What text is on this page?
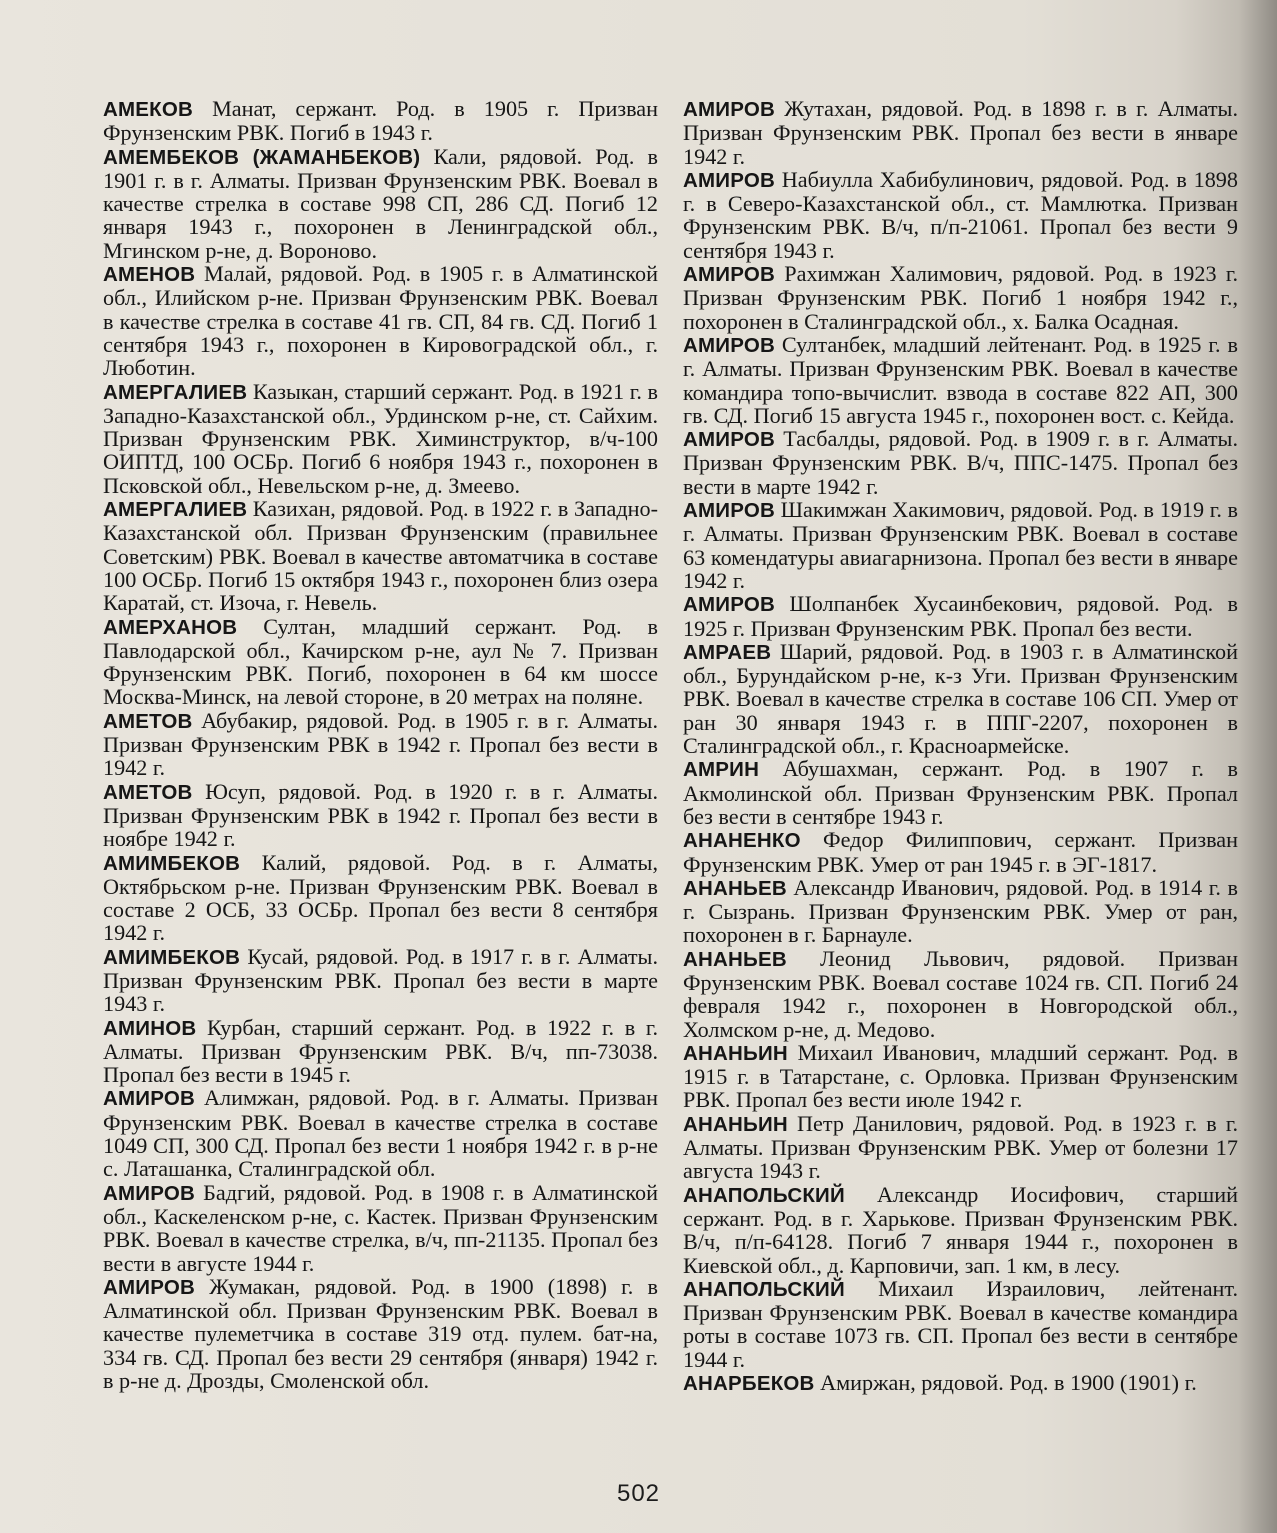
АМЕКОВ Манат, сержант. Род. в 1905 г. Призван Фрунзенским РВК. Погиб в 1943 г.

АМЕМБЕКОВ (ЖАМАНБЕКОВ) Кали, рядовой. Род. в 1901 г. в г. Алматы. Призван Фрунзенским РВК. Воевал в качестве стрелка в составе 998 СП, 286 СД. Погиб 12 января 1943 г., похоронен в Ленинградской обл., Мгинском р-не, д. Вороново.

АМЕНОВ Малай, рядовой. Род. в 1905 г. в Алматинской обл., Илийском р-не. Призван Фрунзенским РВК. Воевал в качестве стрелка в составе 41 гв. СП, 84 гв. СД. Погиб 1 сентября 1943 г., похоронен в Кировоградской обл., г. Люботин.

АМЕРГАЛИЕВ Казыкан, старший сержант. Род. в 1921 г. в Западно-Казахстанской обл., Урдинском р-не, ст. Сайхим. Призван Фрунзенским РВК. Химинструктор, в/ч-100 ОИПТД, 100 ОСБр. Погиб 6 ноября 1943 г., похоронен в Псковской обл., Невельском р-не, д. Змеево.

АМЕРГАЛИЕВ Казихан, рядовой. Род. в 1922 г. в Западно-Казахстанской обл. Призван Фрунзенским (правильнее Советским) РВК. Воевал в качестве автоматчика в составе 100 ОСБр. Погиб 15 октября 1943 г., похоронен близ озера Каратай, ст. Изоча, г. Невель.

АМЕРХАНОВ Султан, младший сержант. Род. в Павлодарской обл., Качирском р-не, аул № 7. Призван Фрунзенским РВК. Погиб, похоронен в 64 км шоссе Москва-Минск, на левой стороне, в 20 метрах на поляне.

АМЕТОВ Абубакир, рядовой. Род. в 1905 г. в г. Алматы. Призван Фрунзенским РВК в 1942 г. Пропал без вести в 1942 г.

АМЕТОВ Юсуп, рядовой. Род. в 1920 г. в г. Алматы. Призван Фрунзенским РВК в 1942 г. Пропал без вести в ноябре 1942 г.

АМИМБЕКОВ Калий, рядовой. Род. в г. Алматы, Октябрьском р-не. Призван Фрунзенским РВК. Воевал в составе 2 ОСБ, 33 ОСБр. Пропал без вести 8 сентября 1942 г.

АМИМБЕКОВ Кусай, рядовой. Род. в 1917 г. в г. Алматы. Призван Фрунзенским РВК. Пропал без вести в марте 1943 г.

АМИНОВ Курбан, старший сержант. Род. в 1922 г. в г. Алматы. Призван Фрунзенским РВК. В/ч, пп-73038. Пропал без вести в 1945 г.

АМИРОВ Алимжан, рядовой. Род. в г. Алматы. Призван Фрунзенским РВК. Воевал в качестве стрелка в составе 1049 СП, 300 СД. Пропал без вести 1 ноября 1942 г. в р-не с. Латашанка, Сталинградской обл.

АМИРОВ Бадгий, рядовой. Род. в 1908 г. в Алматинской обл., Каскеленском р-не, с. Кастек. Призван Фрунзенским РВК. Воевал в качестве стрелка, в/ч, пп-21135. Пропал без вести в августе 1944 г.

АМИРОВ Жумакан, рядовой. Род. в 1900 (1898) г. в Алматинской обл. Призван Фрунзенским РВК. Воевал в качестве пулеметчика в составе 319 отд. пулем. бат-на, 334 гв. СД. Пропал без вести 29 сентября (января) 1942 г. в р-не д. Дрозды, Смоленской обл.

АМИРОВ Жутахан, рядовой. Род. в 1898 г. в г. Алматы. Призван Фрунзенским РВК. Пропал без вести в январе 1942 г.

АМИРОВ Набиулла Хабибулинович, рядовой. Род. в 1898 г. в Северо-Казахстанской обл., ст. Мамлютка. Призван Фрунзенским РВК. В/ч, п/п-21061. Пропал без вести 9 сентября 1943 г.

АМИРОВ Рахимжан Халимович, рядовой. Род. в 1923 г. Призван Фрунзенским РВК. Погиб 1 ноября 1942 г., похоронен в Сталинградской обл., х. Балка Осадная.

АМИРОВ Султанбек, младший лейтенант. Род. в 1925 г. в г. Алматы. Призван Фрунзенским РВК. Воевал в качестве командира топо-вычислит. взвода в составе 822 АП, 300 гв. СД. Погиб 15 августа 1945 г., похоронен вост. с. Кейда.

АМИРОВ Тасбалды, рядовой. Род. в 1909 г. в г. Алматы. Призван Фрунзенским РВК. В/ч, ППС-1475. Пропал без вести в марте 1942 г.

АМИРОВ Шакимжан Хакимович, рядовой. Род. в 1919 г. в г. Алматы. Призван Фрунзенским РВК. Воевал в составе 63 комендатуры авиагарнизона. Пропал без вести в январе 1942 г.

АМИРОВ Шолпанбек Хусаинбекович, рядовой. Род. в 1925 г. Призван Фрунзенским РВК. Пропал без вести.

АМРАЕВ Шарий, рядовой. Род. в 1903 г. в Алматинской обл., Бурундайском р-не, к-з Уги. Призван Фрунзенским РВК. Воевал в качестве стрелка в составе 106 СП. Умер от ран 30 января 1943 г. в ППГ-2207, похоронен в Сталинградской обл., г. Красноармейске.

АМРИН Абушахман, сержант. Род. в 1907 г. в Акмолинской обл. Призван Фрунзенским РВК. Пропал без вести в сентябре 1943 г.

АНАНЕНКО Федор Филиппович, сержант. Призван Фрунзенским РВК. Умер от ран 1945 г. в ЭГ-1817.

АНАНЬЕВ Александр Иванович, рядовой. Род. в 1914 г. в г. Сызрань. Призван Фрунзенским РВК. Умер от ран, похоронен в г. Барнауле.

АНАНЬЕВ Леонид Львович, рядовой. Призван Фрунзенским РВК. Воевал составе 1024 гв. СП. Погиб 24 февраля 1942 г., похоронен в Новгородской обл., Холмском р-не, д. Медово.

АНАНЬИН Михаил Иванович, младший сержант. Род. в 1915 г. в Татарстане, с. Орловка. Призван Фрунзенским РВК. Пропал без вести июле 1942 г.

АНАНЬИН Петр Данилович, рядовой. Род. в 1923 г. в г. Алматы. Призван Фрунзенским РВК. Умер от болезни 17 августа 1943 г.

АНАПОЛЬСКИЙ Александр Иосифович, старший сержант. Род. в г. Харькове. Призван Фрунзенским РВК. В/ч, п/п-64128. Погиб 7 января 1944 г., похоронен в Киевской обл., д. Карповичи, зап. 1 км, в лесу.

АНАПОЛЬСКИЙ Михаил Израилович, лейтенант. Призван Фрунзенским РВК. Воевал в качестве командира роты в составе 1073 гв. СП. Пропал без вести в сентябре 1944 г.

АНАРБЕКОВ Амиржан, рядовой. Род. в 1900 (1901) г.

502
